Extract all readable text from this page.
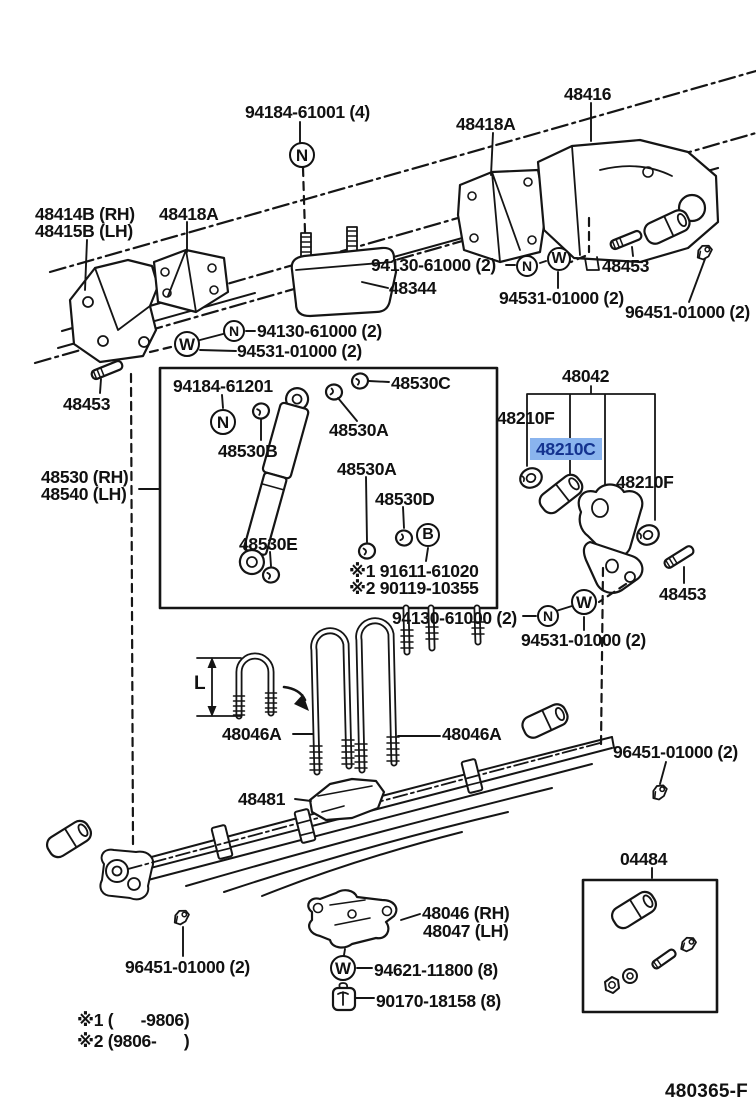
94184-61001 (4)
48416
48418A
48414B (RH)
48415B (LH)
48418A
94130-61000 (2)
48344	94531-01000 (2)
48453
96451-01000 (2)
48453
94130-61000 (2)
94531-01000 (2)
48530 (RH)
48540 (LH)
94184-61201	48530C
48530A
48530B
48530A
48530D
48530E
※1 91611-61020
※2 90119-10355
48042
48210F
48210C
48210F
48453
94130-61000 (2)
94531-01000 (2)
48046A	48046A
48481
96451-01000 (2)
96451-01000 (2)
48046 (RH)
48047 (LH)
94621-11800 (8)
90170-18158 (8)
04484
※1 (      -9806)
※2 (9806-      )
480365-F
L
N
N	W
N
W
N
B
N
W
W
